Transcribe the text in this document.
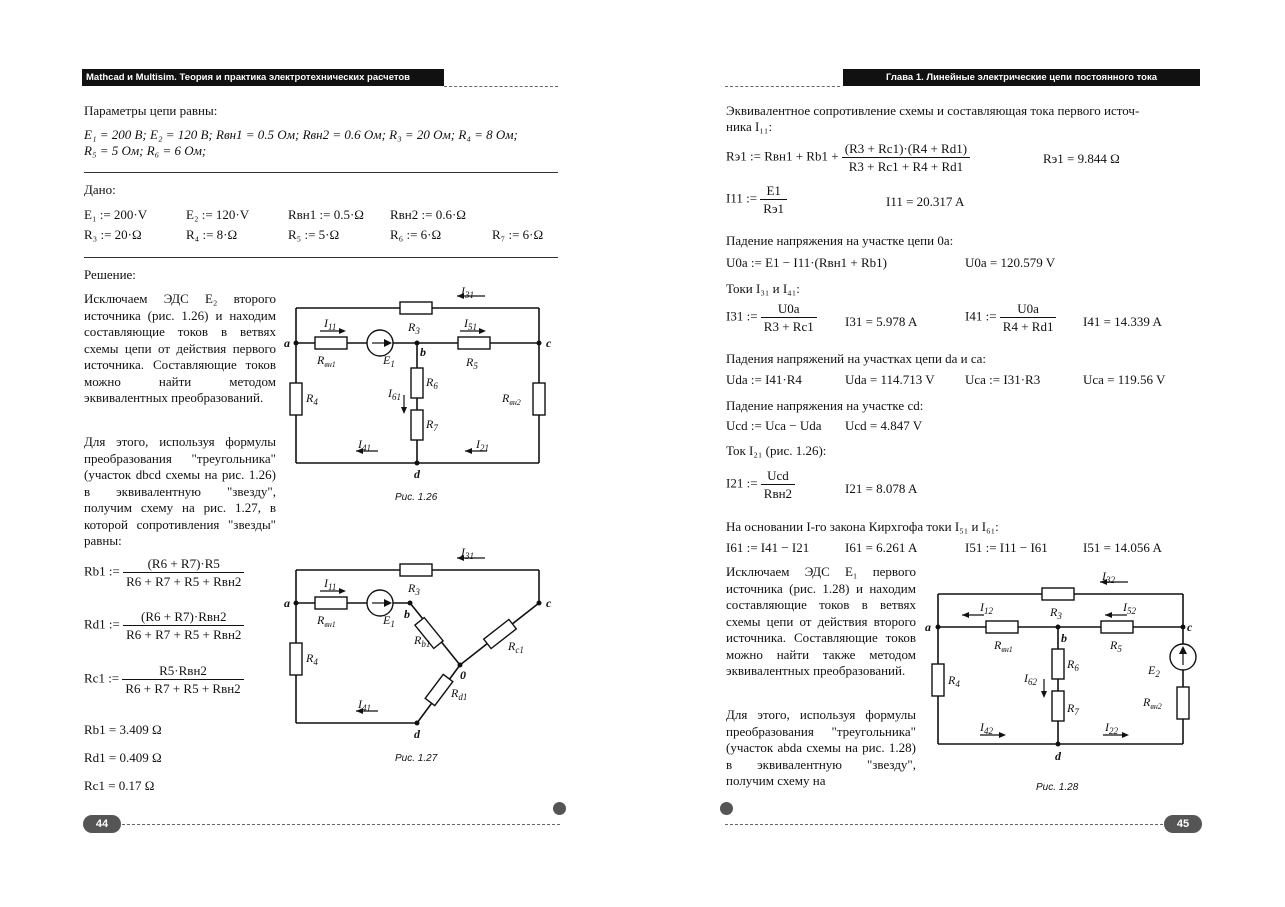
Mathcad и Multisim. Теория и практика электротехнических расчетов
Параметры цепи равны:
E₁ = 200 В; E₂ = 120 В; Rвн1 = 0.5 Ом; Rвн2 = 0.6 Ом; R₃ = 20 Ом; R₄ = 8 Ом;
R₅ = 5 Ом; R₆ = 6 Ом;
Дано:
E₁ := 200·V	E₂ := 120·V	Rвн1 := 0.5·Ω Rвн2 := 0.6·Ω
R₃ := 20·Ω	R₄ := 8·Ω	R₅ := 5·Ω	R₆ := 6·Ω	R₇ := 6·Ω
Решение:
Исключаем ЭДС E₂ второго источника (рис. 1.26) и находим составляющие токов в ветвях схемы цепи от действия первого источника. Составляющие токов можно найти методом эквивалентных преобразований.
Для этого, используя формулы преобразования "треугольника" (участок dbcd схемы на рис. 1.26) в эквивалентную "звезду", получим схему на рис. 1.27, в которой сопротивления "звезды" равны:
Rb1 := $\frac{(R6 + R7)\cdot R5}{\text{R6 + R7 + R5 + Rвн2}}$
Rd1 := $\frac{\text{(R6 + R7)·Rвн2}}{\text{R6 + R7 + R5 + Rвн2}}$
Rc1 := $\frac{\text{R5·Rвн2}}{\text{R6 + R7 + R5 + Rвн2}}$
Rb1 = 3.409 Ω
Rd1 = 0.409 Ω
Rc1 = 0.17 Ω
a	c
b
d
$R_3$
$I_{31}$
$I_{11}$	$I_{51}$
$R_{вн1}$	$E_1$	$R_5$
$R_6$
$R_7$
$I_{61}$
$R_4$	$R_{вн2}$
$I_{41}$	$I_{21}$
Рис. 1.26
a	c
b
d
0
$R_3$
$I_{31}$
$I_{11}$
$R_{вн1}$	$E_1$
$R_{b1}$	$R_{c1}$
$R_{d1}$
$R_4$
$I_{41}$
Рис. 1.27
44
Глава 1. Линейные электрические цепи постоянного тока
Эквивалентное сопротивление схемы и составляющая тока первого источ-
ника I₁₁:
Rэ1 := $Rвн1 + Rb1 + \frac{(R3 + Rc1)\cdot(R4 + Rd1)}{R3 + Rc1 + R4 + Rd1}$	Rэ1 = 9.844 Ω
I11 := $\frac{E1}{Rэ1}$	I11 = 20.317 A
Падение напряжения на участке цепи 0a:
U0a := E1 − I11·(Rвн1 + Rb1)	U0a = 120.579 V
Токи I₃₁ и I₄₁:
I31 := $\frac{U0a}{R3 + Rc1} I31 = 5.978$ A	I41 := $\frac{U0a}{R4 + Rd1} I41 = 14.339$ A
Падения напряжений на участках цепи da и ca:
Uda := I41·R4	Uda = 114.713 V Uca := I31·R3	Uca = 119.56 V
Падение напряжения на участке cd:
Ucd := Uca − Uda Ucd = 4.847 V
Ток I₂₁ (рис. 1.26):
I21 := $\frac{\text{Ucd}}{\text{Rвн2}}$	I21 = 8.078 A
На основании I-го закона Кирхгофа токи I₅₁ и I₆₁:
I61 := I41 − I21	I61 = 6.261 A	I51 := I11 − I61	I51 = 14.056 A
Исключаем ЭДС E₁ первого источника (рис. 1.28) и находим составляющие токов в ветвях схемы цепи от действия второго источника. Составляющие токов можно найти также методом эквивалентных преобразований.
Для этого, используя формулы преобразования "треугольника" (участок abda схемы на рис. 1.28) в эквивалентную "звезду", получим схему на
a	c
b
d
$R_3$
$I_{32}$
$I_{12}$	$I_{52}$
$R_{вн1}$	$R_5$
$R_6$
$R_7$
$I_{62}$
$R_4$
$E_2$
$R_{вн2}$
$I_{42}$	$I_{22}$
Рис. 1.28
45
